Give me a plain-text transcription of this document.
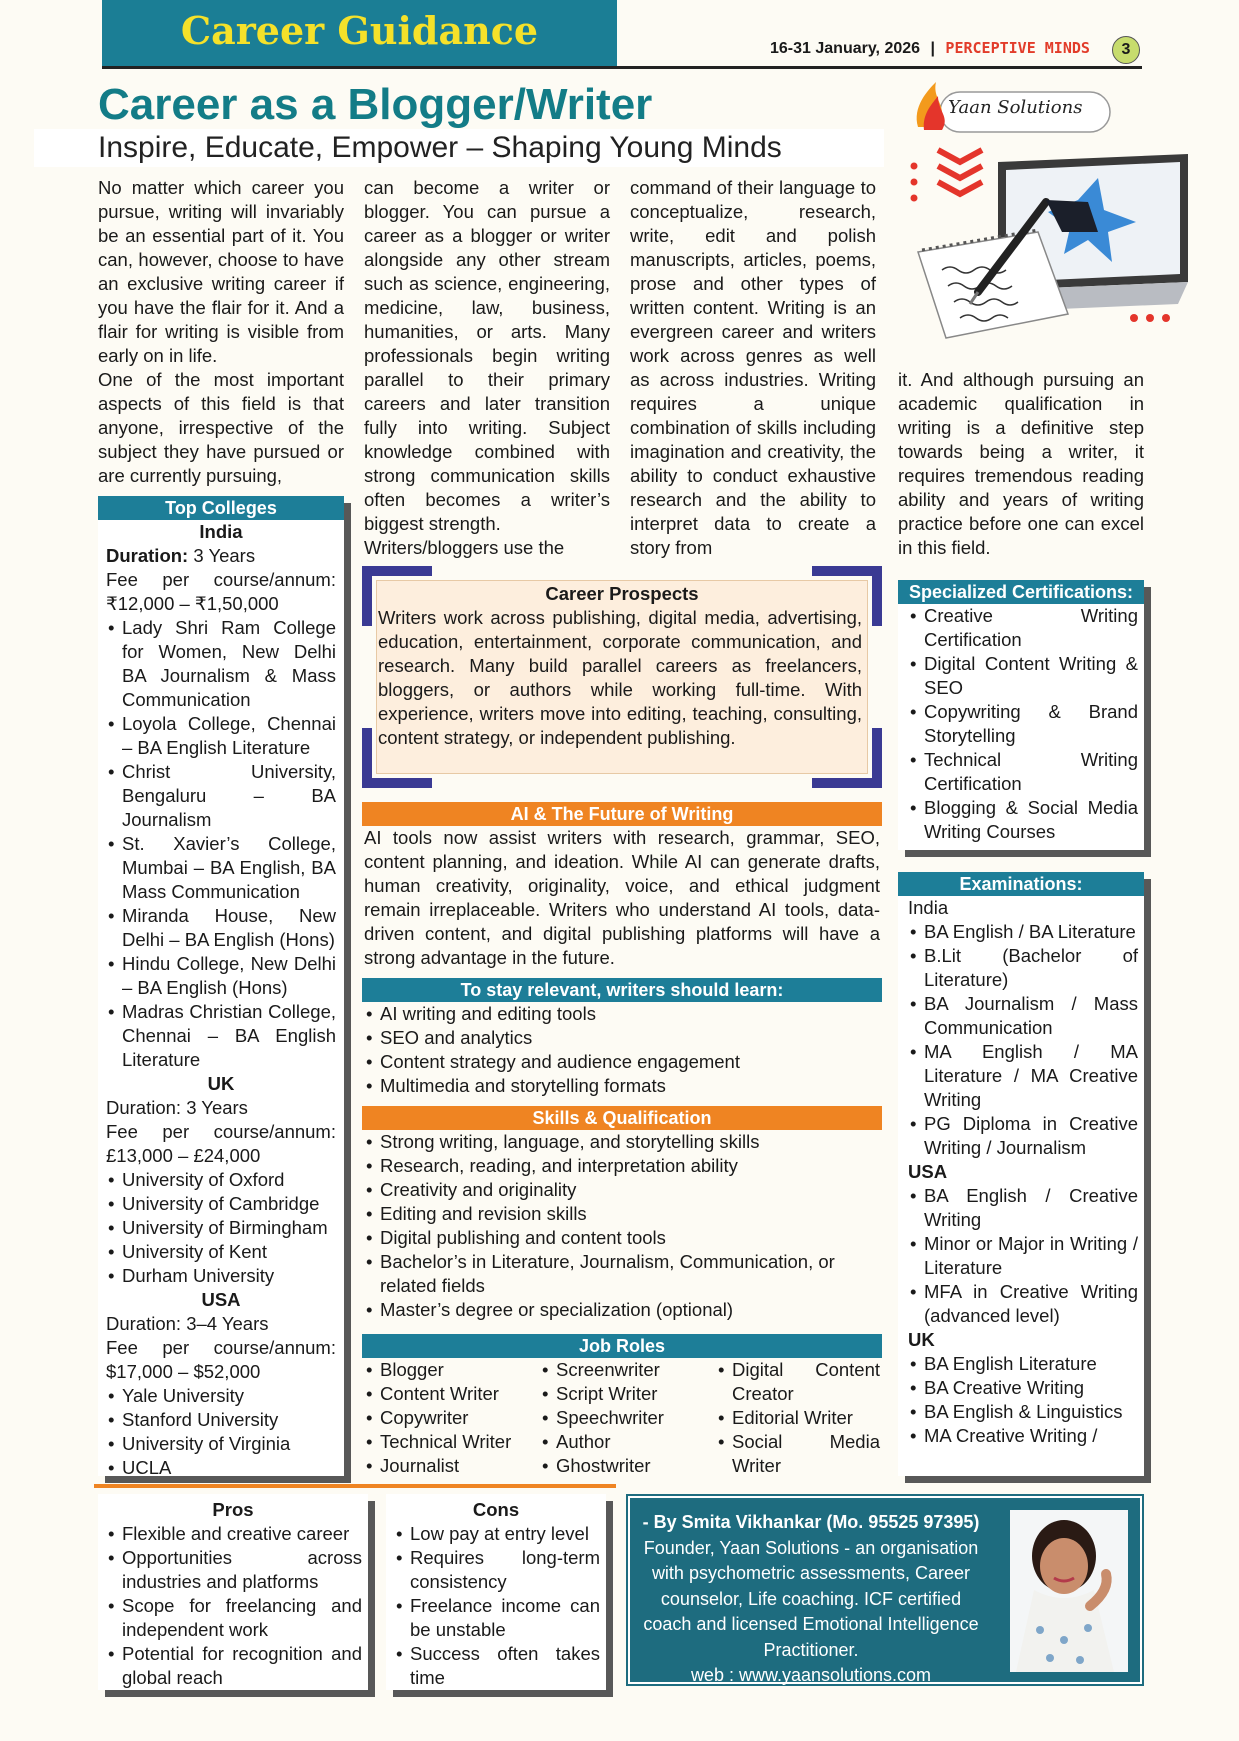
Career Guidance	16-31 January, 2026 | PERCEPTIVE MINDS	3
Career as a Blogger/Writer
Inspire, Educate, Empower – Shaping Young Minds
Yaan Solutions

No matter which career you pursue, writing will invariably be an essential part of it. You can, however, choose to have an exclusive writing career if you have the flair for it. And a flair for writing is visible from early on in life.

One of the most important aspects of this field is that anyone, irrespective of the subject they have pursued or are currently pursuing,

can become a writer or blogger. You can pursue a career as a blogger or writer alongside any other stream such as science, engineering, medicine, law, business, humanities, or arts. Many professionals begin writing parallel to their primary careers and later transition fully into writing. Subject knowledge combined with strong communication skills often becomes a writer’s biggest strength.

Writers/bloggers use the

command of their language to conceptualize, research, write, edit and polish manuscripts, articles, poems, prose and other types of written content. Writing is an evergreen career and writers work across genres as well as across industries. Writing requires a unique combination of skills including imagination and creativity, the ability to conduct exhaustive research and the ability to interpret data to create a story from

it. And although pursuing an academic qualification in writing is a definitive step towards being a writer, it requires tremendous reading ability and years of writing practice before one can excel in this field.

Top Colleges
India
Duration: 3 Years
Fee per course/annum:
₹12,000 – ₹1,50,000
• Lady Shri Ram College for Women, New Delhi BA Journalism & Mass Communication
• Loyola College, Chennai – BA English Literature
• Christ University, Bengaluru – BA Journalism
• St. Xavier’s College, Mumbai – BA English, BA Mass Communication
• Miranda House, New Delhi – BA English (Hons)
• Hindu College, New Delhi – BA English (Hons)
• Madras Christian College, Chennai – BA English Literature
UK
Duration: 3 Years
Fee per course/annum:
£13,000 – £24,000
• University of Oxford
• University of Cambridge
• University of Birmingham
• University of Kent
• Durham University
USA
Duration: 3–4 Years
Fee per course/annum:
$17,000 – $52,000
• Yale University
• Stanford University
• University of Virginia
• UCLA
Career Prospects
Writers work across publishing, digital media, advertising, education, entertainment, corporate communication, and research. Many build parallel careers as freelancers, bloggers, or authors while working full-time. With experience, writers move into editing, teaching, consulting, content strategy, or independent publishing.
AI & The Future of Writing
AI tools now assist writers with research, grammar, SEO, content planning, and ideation. While AI can generate drafts, human creativity, originality, voice, and ethical judgment remain irreplaceable. Writers who understand AI tools, data-driven content, and digital publishing platforms will have a strong advantage in the future.
To stay relevant, writers should learn:
• AI writing and editing tools
• SEO and analytics
• Content strategy and audience engagement
• Multimedia and storytelling formats
Skills & Qualification
• Strong writing, language, and storytelling skills
• Research, reading, and interpretation ability
• Creativity and originality
• Editing and revision skills
• Digital publishing and content tools
• Bachelor’s in Literature, Journalism, Communication, or related fields
• Master’s degree or specialization (optional)
Job Roles
• Blogger
• Content Writer
• Copywriter
• Technical Writer
• Journalist
• Screenwriter
• Script Writer
• Speechwriter
• Author
• Ghostwriter
• Digital Content Creator
• Editorial Writer
• Social Media Writer
Specialized Certifications:
• Creative Writing Certification
• Digital Content Writing & SEO
• Copywriting & Brand Storytelling
• Technical Writing Certification
• Blogging & Social Media Writing Courses
Examinations:
India
• BA English / BA Literature
• B.Lit (Bachelor of Literature)
• BA Journalism / Mass Communication
• MA English / MA Literature / MA Creative Writing
• PG Diploma in Creative Writing / Journalism
USA
• BA English / Creative Writing
• Minor or Major in Writing / Literature
• MFA in Creative Writing (advanced level)
UK
• BA English Literature
• BA Creative Writing
• BA English & Linguistics
• MA Creative Writing /
Pros
• Flexible and creative career
• Opportunities across industries and platforms
• Scope for freelancing and independent work
• Potential for recognition and global reach
Cons
• Low pay at entry level
• Requires long-term consistency
• Freelance income can be unstable
• Success often takes time
- By Smita Vikhankar (Mo. 95525 97395)
Founder, Yaan Solutions - an organisation with psychometric assessments, Career counselor, Life coaching. ICF certified coach and licensed Emotional Intelligence Practitioner.
web : www.yaansolutions.com
